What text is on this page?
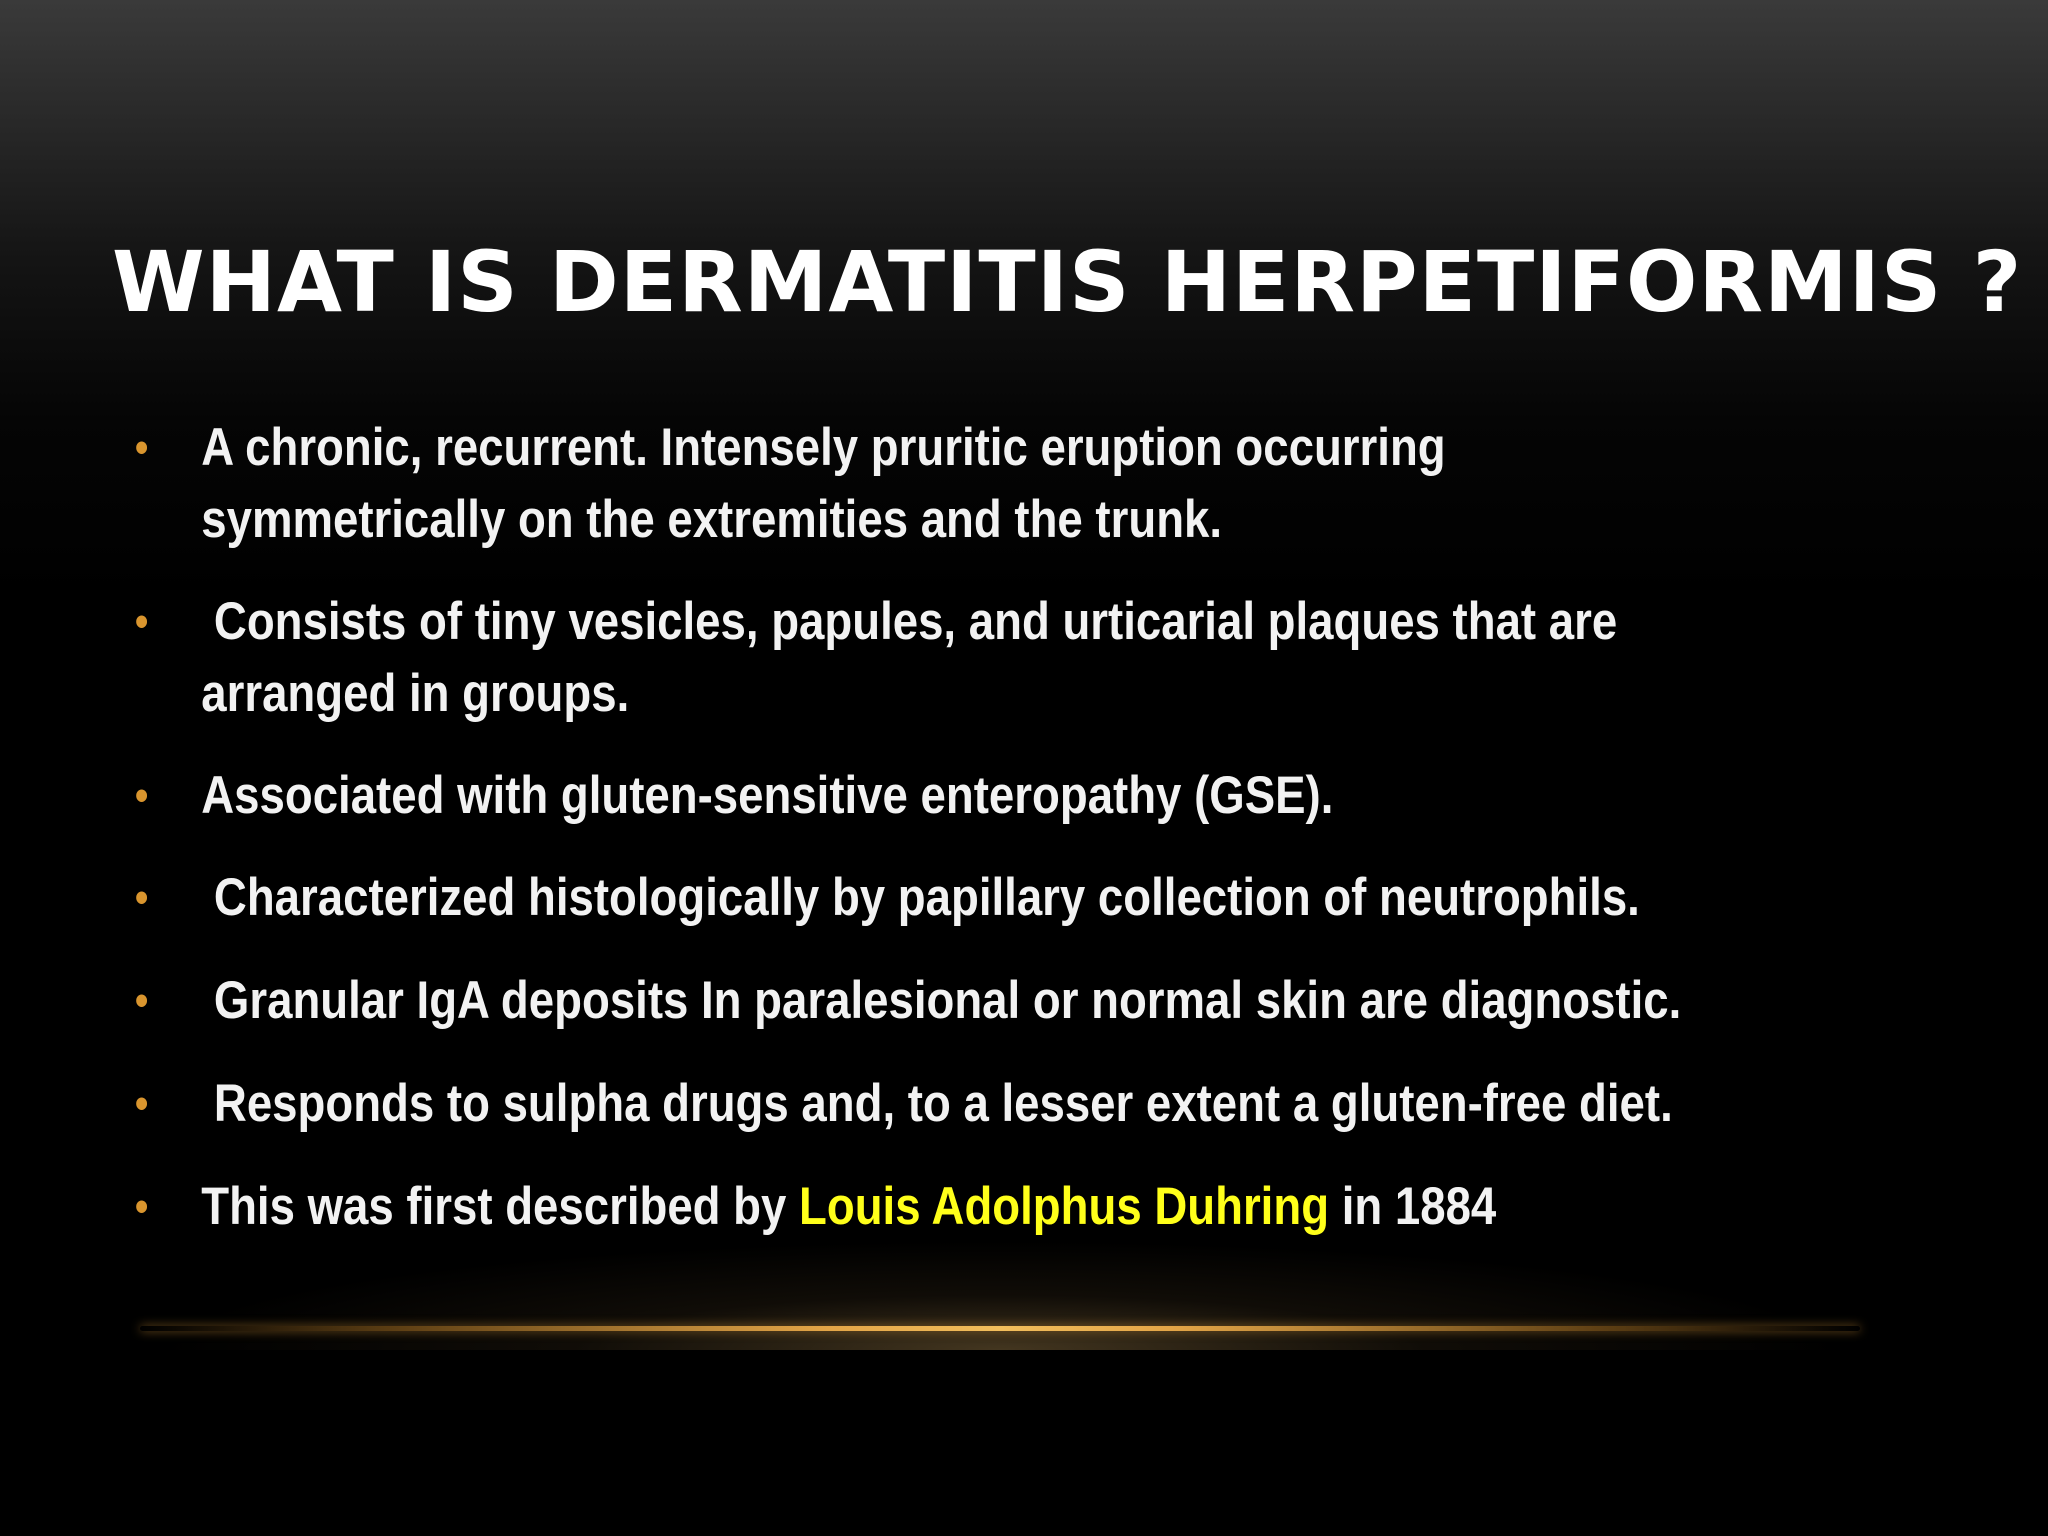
WHAT IS DERMATITIS HERPETIFORMIS ?
• A chronic, recurrent. Intensely pruritic eruption occurring
symmetrically on the extremities and the trunk.
• Consists of tiny vesicles, papules, and urticarial plaques that are
arranged in groups.
• Associated with gluten-sensitive enteropathy (GSE).
• Characterized histologically by papillary collection of neutrophils.
• Granular IgA deposits In paralesional or normal skin are diagnostic.
• Responds to sulpha drugs and, to a lesser extent a gluten-free diet.
• This was first described by Louis Adolphus Duhring in 1884
